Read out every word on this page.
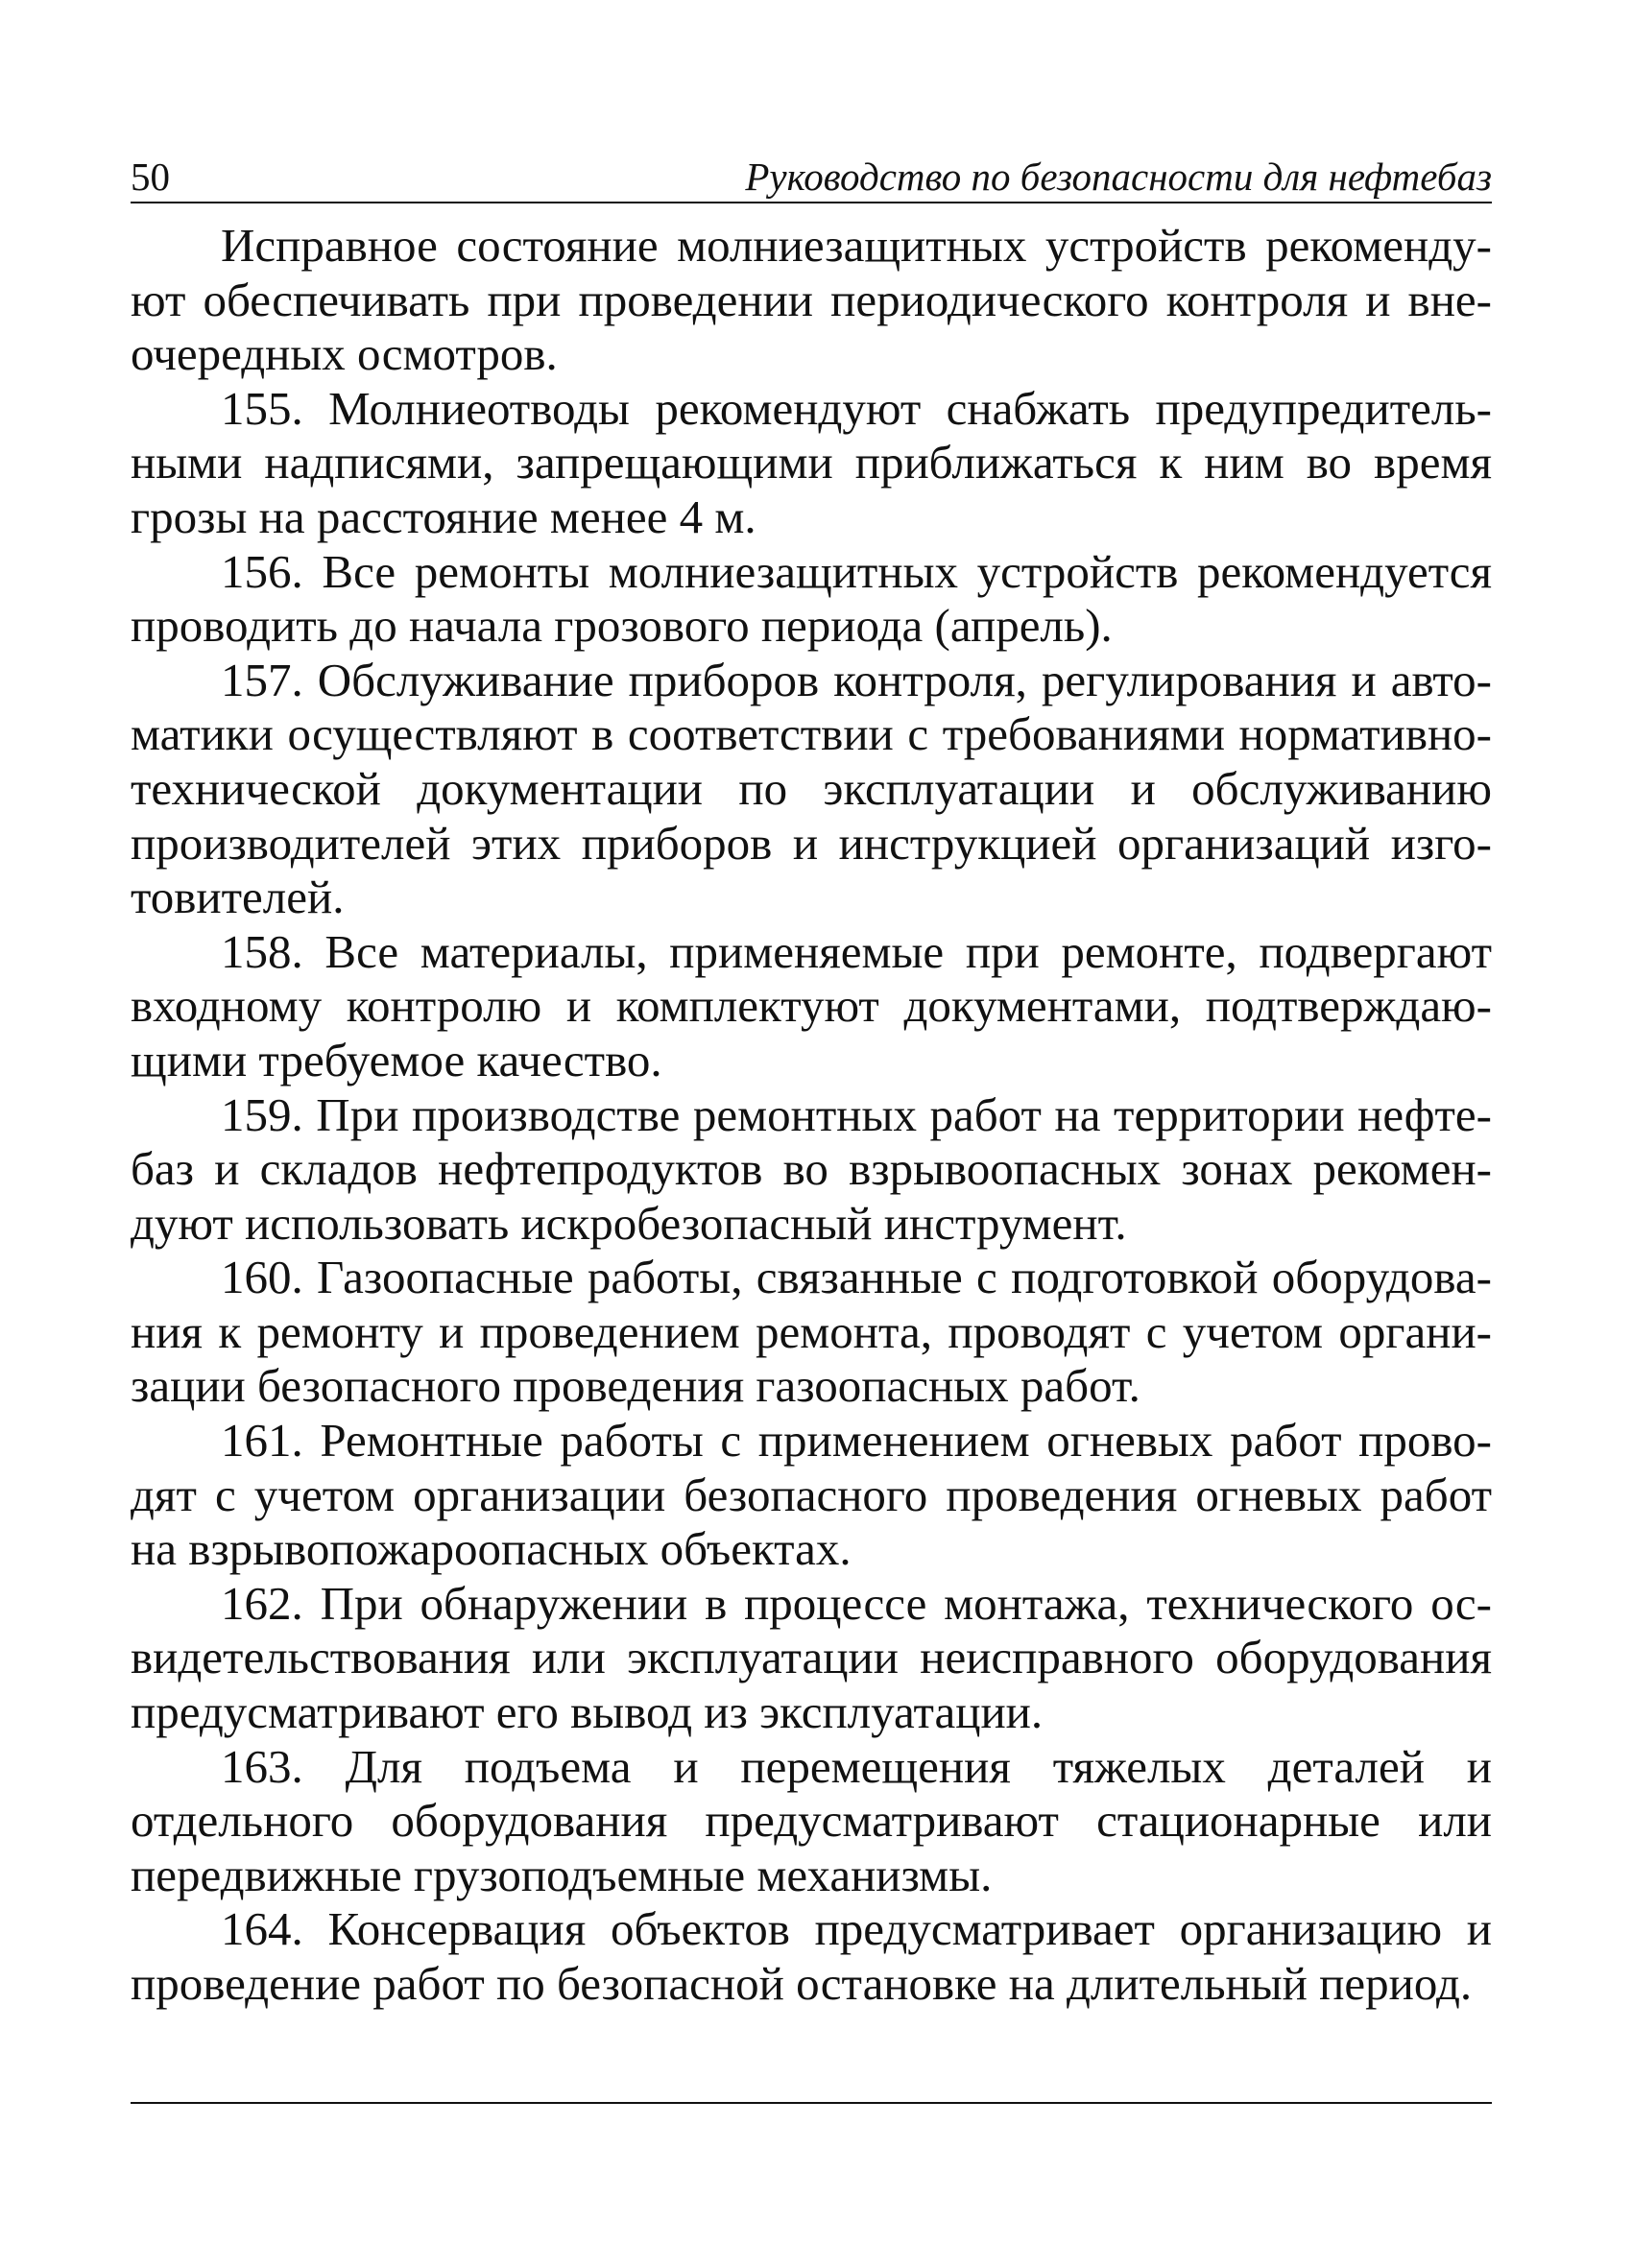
50	Руководство по безопасности для нефтебаз

Исправное состояние молниезащитных устройств рекомендуют обеспечивать при проведении периодического контроля и внеочередных осмотров.

155. Молниеотводы рекомендуют снабжать предупредительными надписями, запрещающими приближаться к ним во время грозы на расстояние менее 4 м.

156. Все ремонты молниезащитных устройств рекомендуется проводить до начала грозового периода (апрель).

157. Обслуживание приборов контроля, регулирования и автоматики осуществляют в соответствии с требованиями нормативно-технической документации по эксплуатации и обслуживанию производителей этих приборов и инструкцией организаций изготовителей.

158. Все материалы, применяемые при ремонте, подвергают входному контролю и комплектуют документами, подтверждающими требуемое качество.

159. При производстве ремонтных работ на территории нефтебаз и складов нефтепродуктов во взрывоопасных зонах рекомендуют использовать искробезопасный инструмент.

160. Газоопасные работы, связанные с подготовкой оборудования к ремонту и проведением ремонта, проводят с учетом организации безопасного проведения газоопасных работ.

161. Ремонтные работы с применением огневых работ проводят с учетом организации безопасного проведения огневых работ на взрывопожароопасных объектах.

162. При обнаружении в процессе монтажа, технического освидетельствования или эксплуатации неисправного оборудования предусматривают его вывод из эксплуатации.

163. Для подъема и перемещения тяжелых деталей и отдельного оборудования предусматривают стационарные или передвижные грузоподъемные механизмы.

164. Консервация объектов предусматривает организацию и проведение работ по безопасной остановке на длительный период.
